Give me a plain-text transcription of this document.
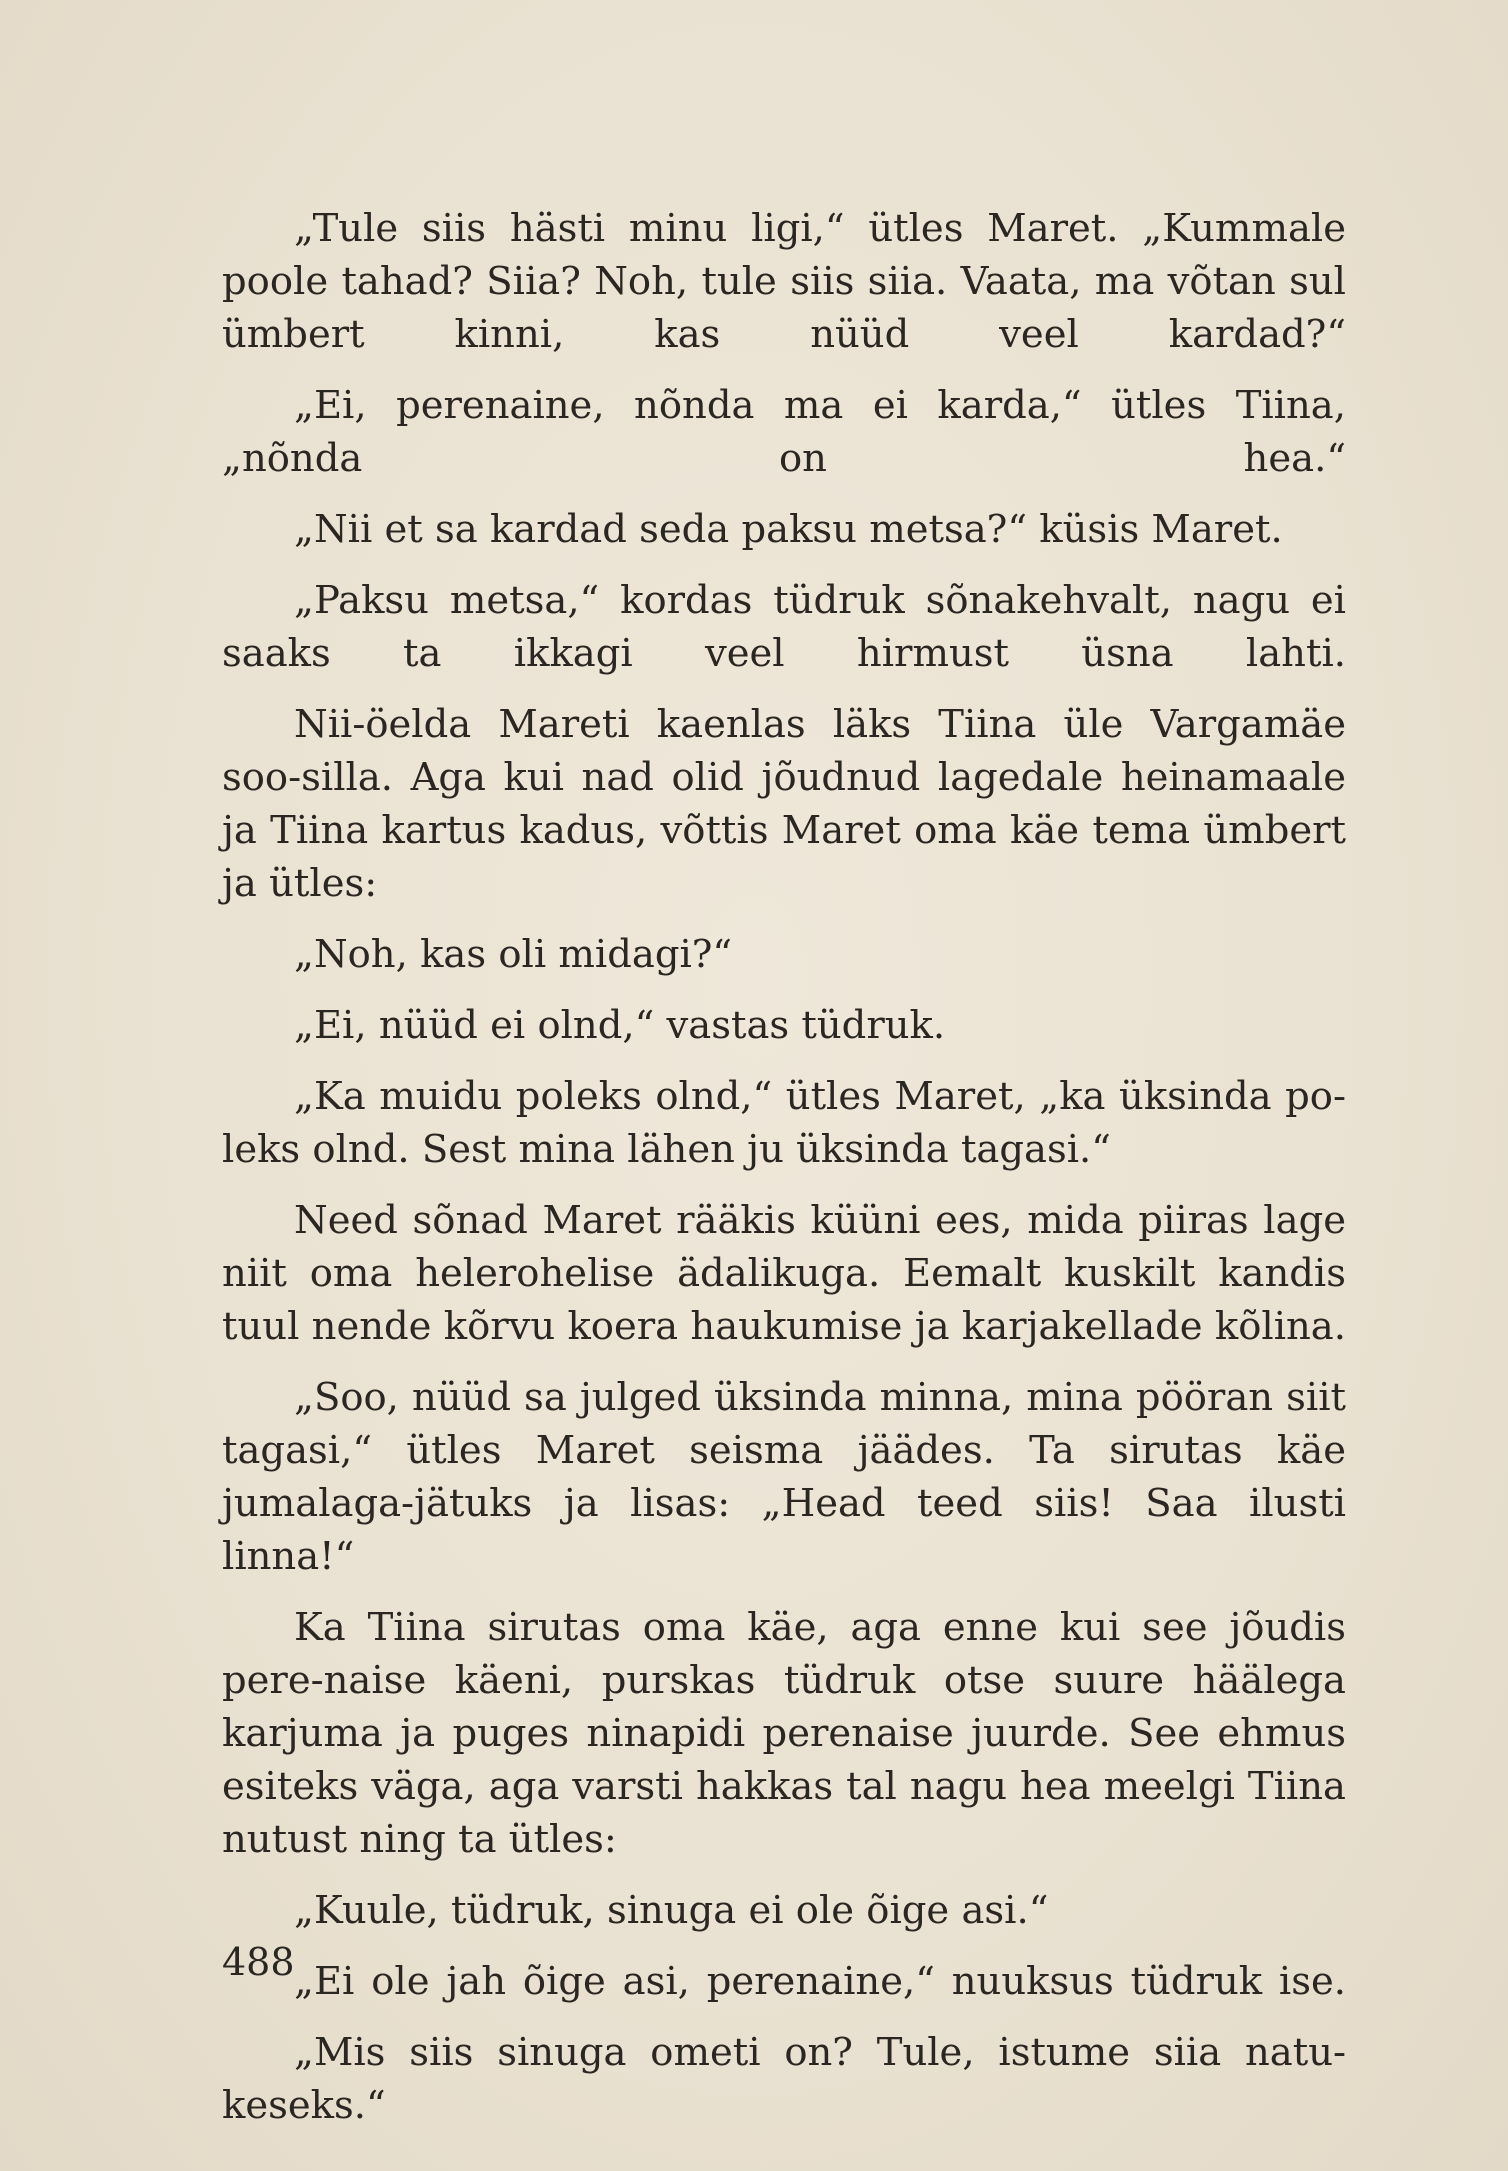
„Tule siis hästi minu ligi,“ ütles Maret. „Kummale poole tahad? Siia? Noh, tule siis siia. Vaata, ma võtan sul ümbert kinni, kas nüüd veel kardad?“

„Ei, perenaine, nõnda ma ei karda,“ ütles Tiina, „nõnda on hea.“

„Nii et sa kardad seda paksu metsa?“ küsis Maret.

„Paksu metsa,“ kordas tüdruk sõnakehvalt, nagu ei saaks ta ikkagi veel hirmust üsna lahti.

Nii-öelda Mareti kaenlas läks Tiina üle Vargamäe soo-silla. Aga kui nad olid jõudnud lagedale heinamaale ja Tiina kartus kadus, võttis Maret oma käe tema ümbert ja ütles:

„Noh, kas oli midagi?“

„Ei, nüüd ei olnd,“ vastas tüdruk.

„Ka muidu poleks olnd,“ ütles Maret, „ka üksinda po-leks olnd. Sest mina lähen ju üksinda tagasi.“

Need sõnad Maret rääkis küüni ees, mida piiras lage niit oma helerohelise ädalikuga. Eemalt kuskilt kandis tuul nende kõrvu koera haukumise ja karjakellade kõlina.

„Soo, nüüd sa julged üksinda minna, mina pööran siit tagasi,“ ütles Maret seisma jäädes. Ta sirutas käe jumalaga-jätuks ja lisas: „Head teed siis! Saa ilusti linna!“

Ka Tiina sirutas oma käe, aga enne kui see jõudis pere-naise käeni, purskas tüdruk otse suure häälega karjuma ja puges ninapidi perenaise juurde. See ehmus esiteks väga, aga varsti hakkas tal nagu hea meelgi Tiina nutust ning ta ütles:

„Kuule, tüdruk, sinuga ei ole õige asi.“

„Ei ole jah õige asi, perenaine,“ nuuksus tüdruk ise.

„Mis siis sinuga ometi on? Tule, istume siia natu-keseks.“

488
